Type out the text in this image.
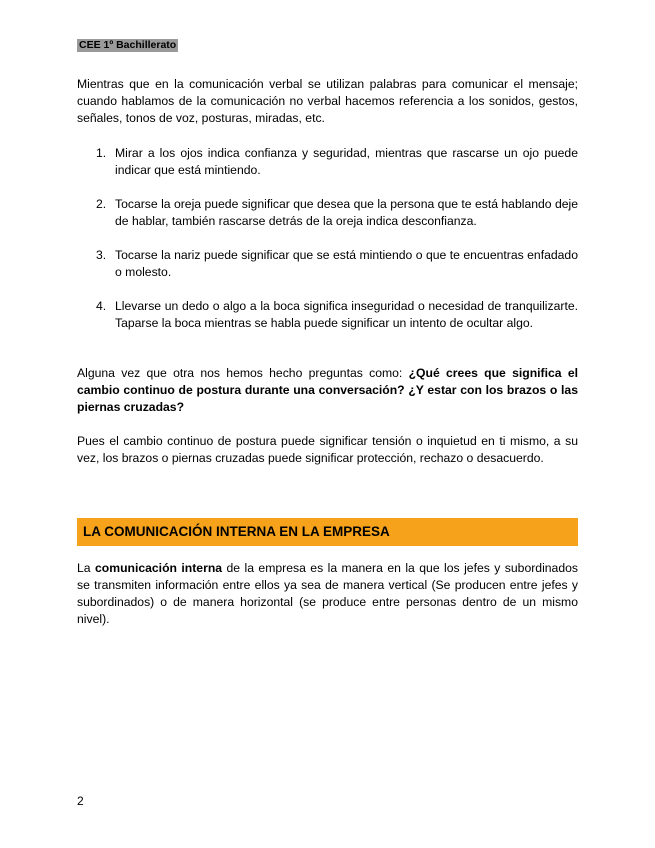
CEE 1º Bachillerato

Mientras que en la comunicación verbal se utilizan palabras para comunicar el mensaje; cuando hablamos de la comunicación no verbal hacemos referencia a los sonidos, gestos, señales, tonos de voz, posturas, miradas, etc.

1. Mirar a los ojos indica confianza y seguridad, mientras que rascarse un ojo puede indicar que está mintiendo.
2. Tocarse la oreja puede significar que desea que la persona que te está hablando deje de hablar, también rascarse detrás de la oreja indica desconfianza.
3. Tocarse la nariz puede significar que se está mintiendo o que te encuentras enfadado o molesto.
4. Llevarse un dedo o algo a la boca significa inseguridad o necesidad de tranquilizarte. Taparse la boca mientras se habla puede significar un intento de ocultar algo.

Alguna vez que otra nos hemos hecho preguntas como: ¿Qué crees que significa el cambio continuo de postura durante una conversación? ¿Y estar con los brazos o las piernas cruzadas?

Pues el cambio continuo de postura puede significar tensión o inquietud en ti mismo, a su vez, los brazos o piernas cruzadas puede significar protección, rechazo o desacuerdo.

LA COMUNICACIÓN INTERNA EN LA EMPRESA

La comunicación interna de la empresa es la manera en la que los jefes y subordinados se transmiten información entre ellos ya sea de manera vertical (Se producen entre jefes y subordinados) o de manera horizontal (se produce entre personas dentro de un mismo nivel).

2
